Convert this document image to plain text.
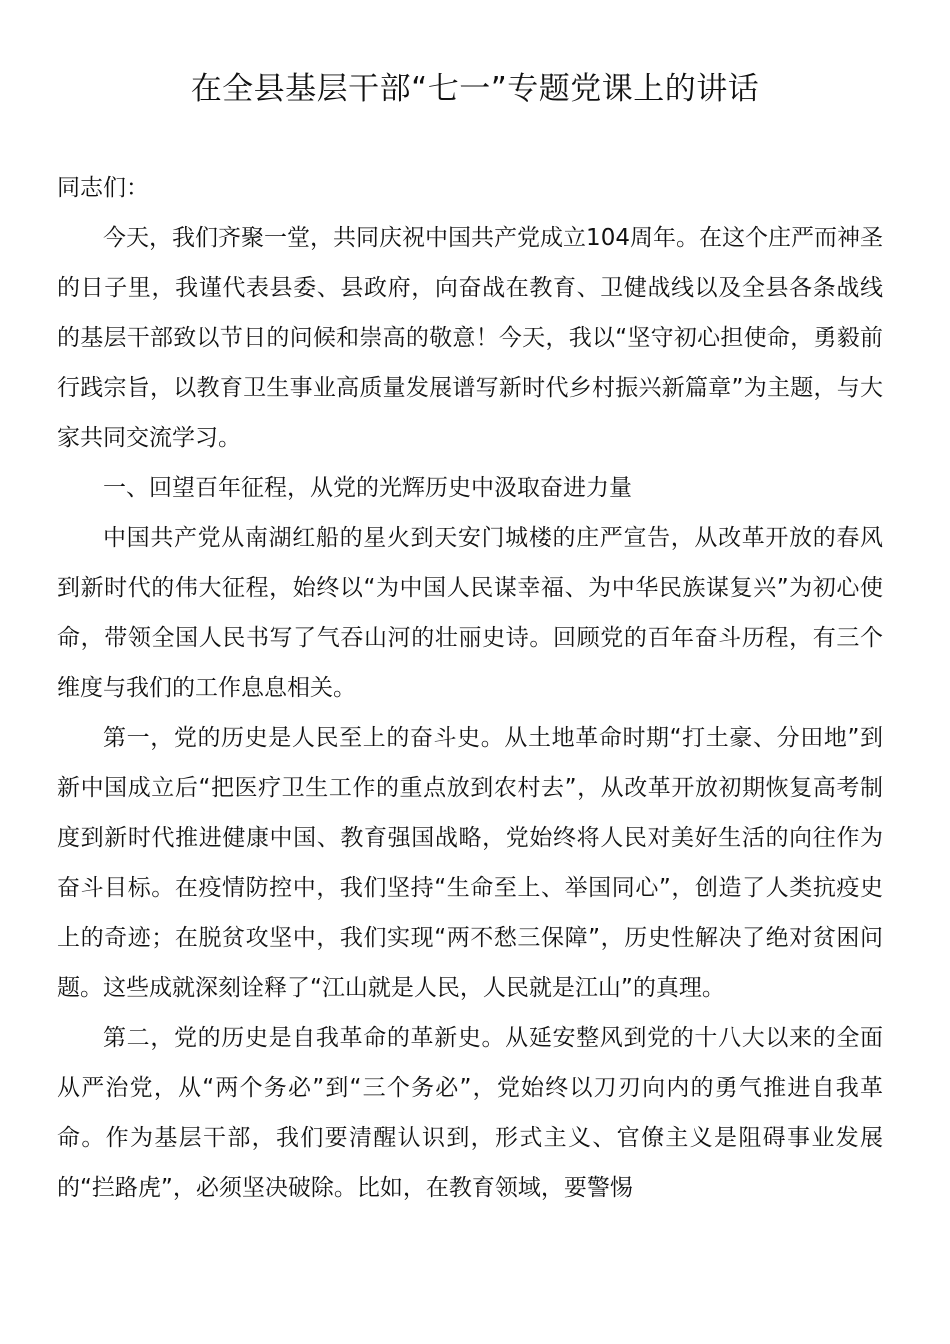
在全县基层干部“七一”专题党课上的讲话

同志们：

今天，我们齐聚一堂，共同庆祝中国共产党成立104周年。在这个庄严而神圣的日子里，我谨代表县委、县政府，向奋战在教育、卫健战线以及全县各条战线的基层干部致以节日的问候和崇高的敬意！今天，我以“坚守初心担使命，勇毅前行践宗旨，以教育卫生事业高质量发展谱写新时代乡村振兴新篇章”为主题，与大家共同交流学习。

一、回望百年征程，从党的光辉历史中汲取奋进力量

中国共产党从南湖红船的星火到天安门城楼的庄严宣告，从改革开放的春风到新时代的伟大征程，始终以“为中国人民谋幸福、为中华民族谋复兴”为初心使命，带领全国人民书写了气吞山河的壮丽史诗。回顾党的百年奋斗历程，有三个维度与我们的工作息息相关。

第一，党的历史是人民至上的奋斗史。从土地革命时期“打土豪、分田地”到新中国成立后“把医疗卫生工作的重点放到农村去”，从改革开放初期恢复高考制度到新时代推进健康中国、教育强国战略，党始终将人民对美好生活的向往作为奋斗目标。在疫情防控中，我们坚持“生命至上、举国同心”，创造了人类抗疫史上的奇迹；在脱贫攻坚中，我们实现“两不愁三保障”，历史性解决了绝对贫困问题。这些成就深刻诠释了“江山就是人民，人民就是江山”的真理。

第二，党的历史是自我革命的革新史。从延安整风到党的十八大以来的全面从严治党，从“两个务必”到“三个务必”，党始终以刀刃向内的勇气推进自我革命。作为基层干部，我们要清醒认识到，形式主义、官僚主义是阻碍事业发展的“拦路虎”，必须坚决破除。比如，在教育领域，要警惕
